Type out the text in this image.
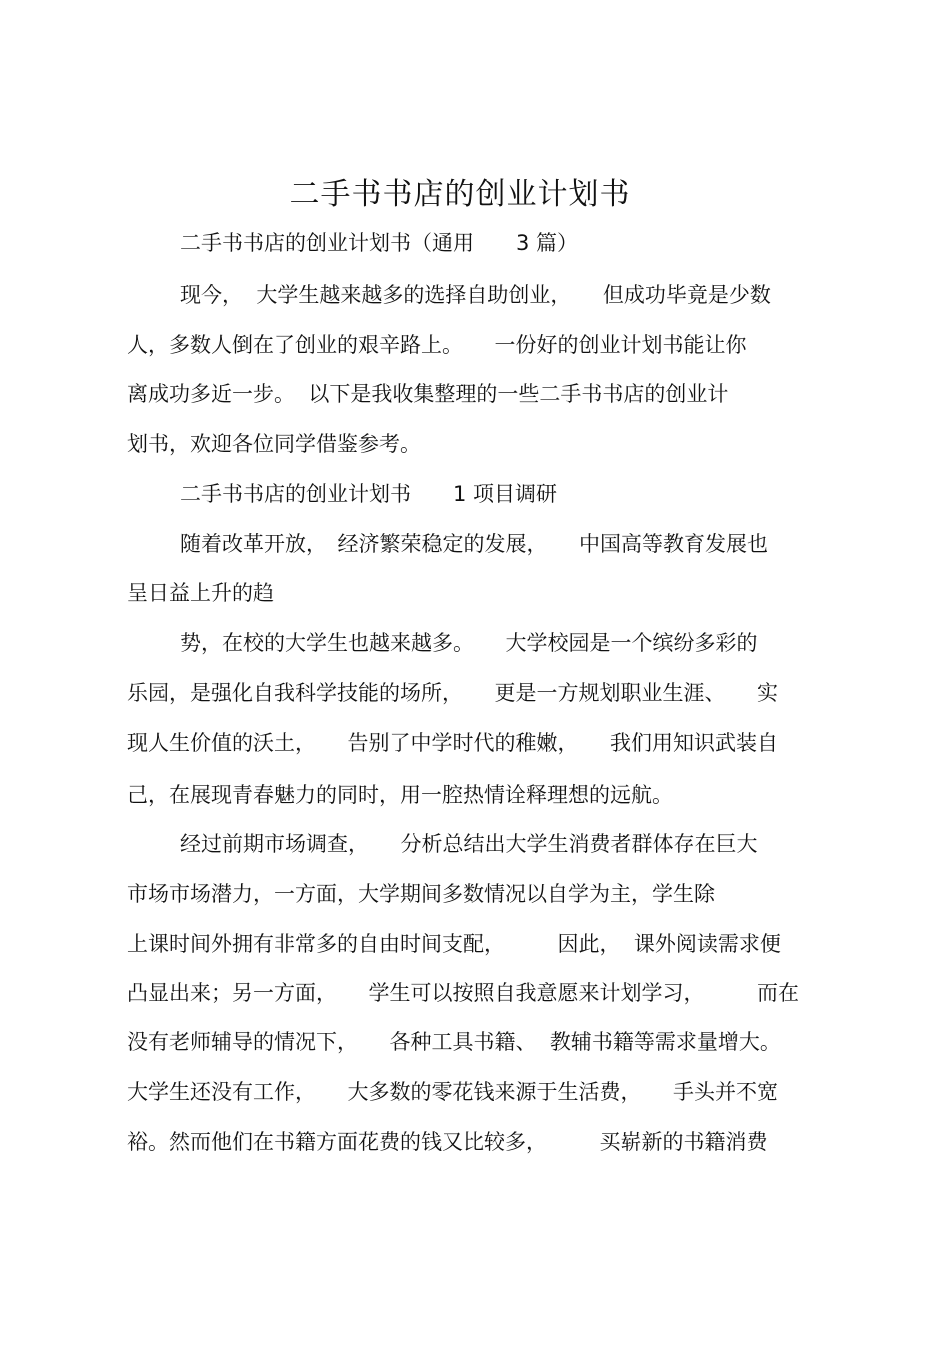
二手书书店的创业计划书
二手书书店的创业计划书（通用　　3 篇）
现今，  大学生越来越多的选择自助创业，　　但成功毕竟是少数
人，多数人倒在了创业的艰辛路上。　　一份好的创业计划书能让你
离成功多近一步。  以下是我收集整理的一些二手书书店的创业计
划书，欢迎各位同学借鉴参考。
二手书书店的创业计划书　　1 项目调研
随着改革开放，　经济繁荣稳定的发展，　　中国高等教育发展也
呈日益上升的趋
势，在校的大学生也越来越多。　　大学校园是一个缤纷多彩的
乐园，是强化自我科学技能的场所，　　更是一方规划职业生涯、　　实
现人生价值的沃土，　　告别了中学时代的稚嫩，　　我们用知识武装自
己，在展现青春魅力的同时，用一腔热情诠释理想的远航。
经过前期市场调查，　　分析总结出大学生消费者群体存在巨大
市场市场潜力，一方面，大学期间多数情况以自学为主，学生除
上课时间外拥有非常多的自由时间支配，　　　因此，  课外阅读需求便
凸显出来；另一方面，　　学生可以按照自我意愿来计划学习，　　　而在
没有老师辅导的情况下，　　各种工具书籍、  教辅书籍等需求量增大。
大学生还没有工作，　　大多数的零花钱来源于生活费，　　手头并不宽
裕。然而他们在书籍方面花费的钱又比较多，　　　买崭新的书籍消费
